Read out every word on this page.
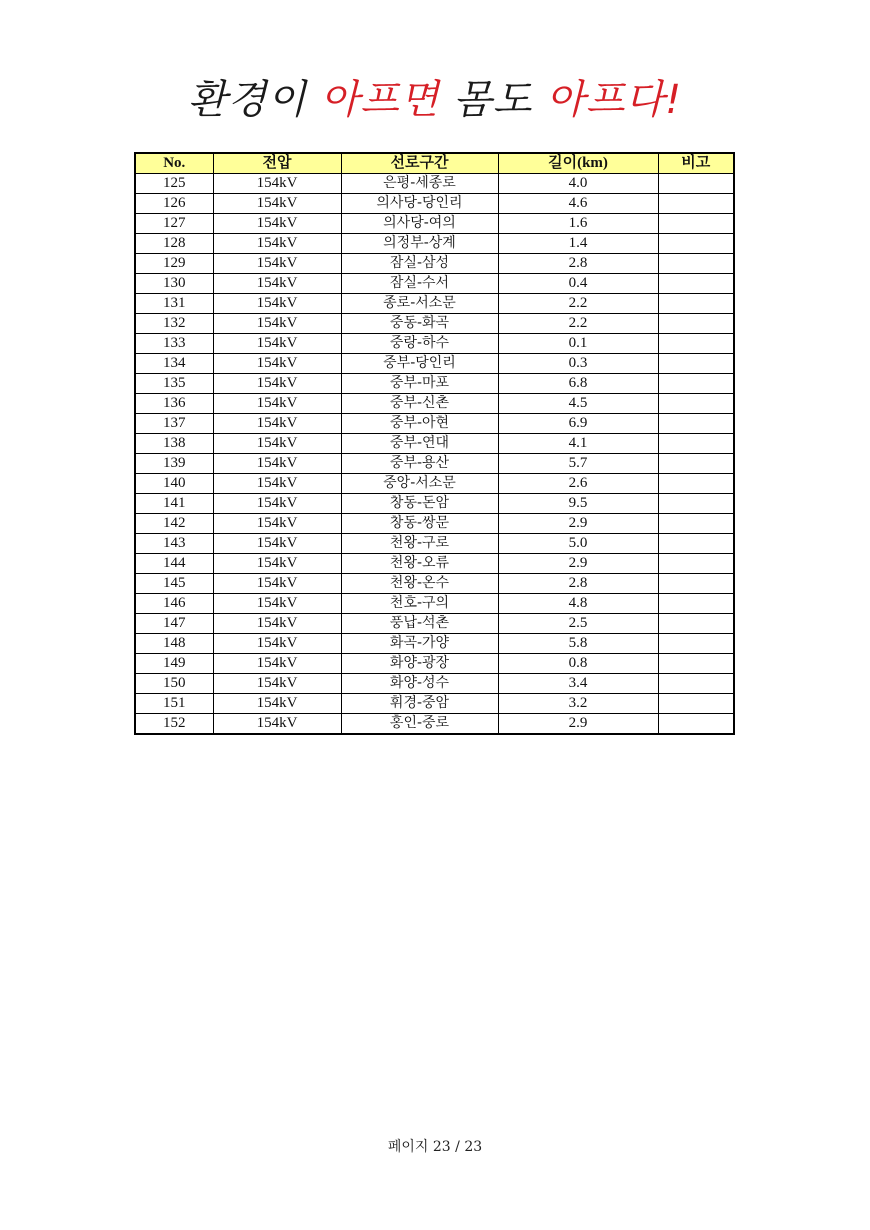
환경이 아프면 몸도 아프다!
No.	전압	선로구간	길이(km)	비고
125	154kV	은평-세종로	4.0	
126	154kV	의사당-당인리	4.6	
127	154kV	의사당-여의	1.6	
128	154kV	의정부-상계	1.4	
129	154kV	잠실-삼성	2.8	
130	154kV	잠실-수서	0.4	
131	154kV	종로-서소문	2.2	
132	154kV	중동-화곡	2.2	
133	154kV	중랑-하수	0.1	
134	154kV	중부-당인리	0.3	
135	154kV	중부-마포	6.8	
136	154kV	중부-신촌	4.5	
137	154kV	중부-아현	6.9	
138	154kV	중부-연대	4.1	
139	154kV	중부-용산	5.7	
140	154kV	중앙-서소문	2.6	
141	154kV	창동-돈암	9.5	
142	154kV	창동-쌍문	2.9	
143	154kV	천왕-구로	5.0	
144	154kV	천왕-오류	2.9	
145	154kV	천왕-온수	2.8	
146	154kV	천호-구의	4.8	
147	154kV	풍납-석촌	2.5	
148	154kV	화곡-가양	5.8	
149	154kV	화양-광장	0.8	
150	154kV	화양-성수	3.4	
151	154kV	휘경-중암	3.2	
152	154kV	홍인-중로	2.9	
페이지 23 / 23
